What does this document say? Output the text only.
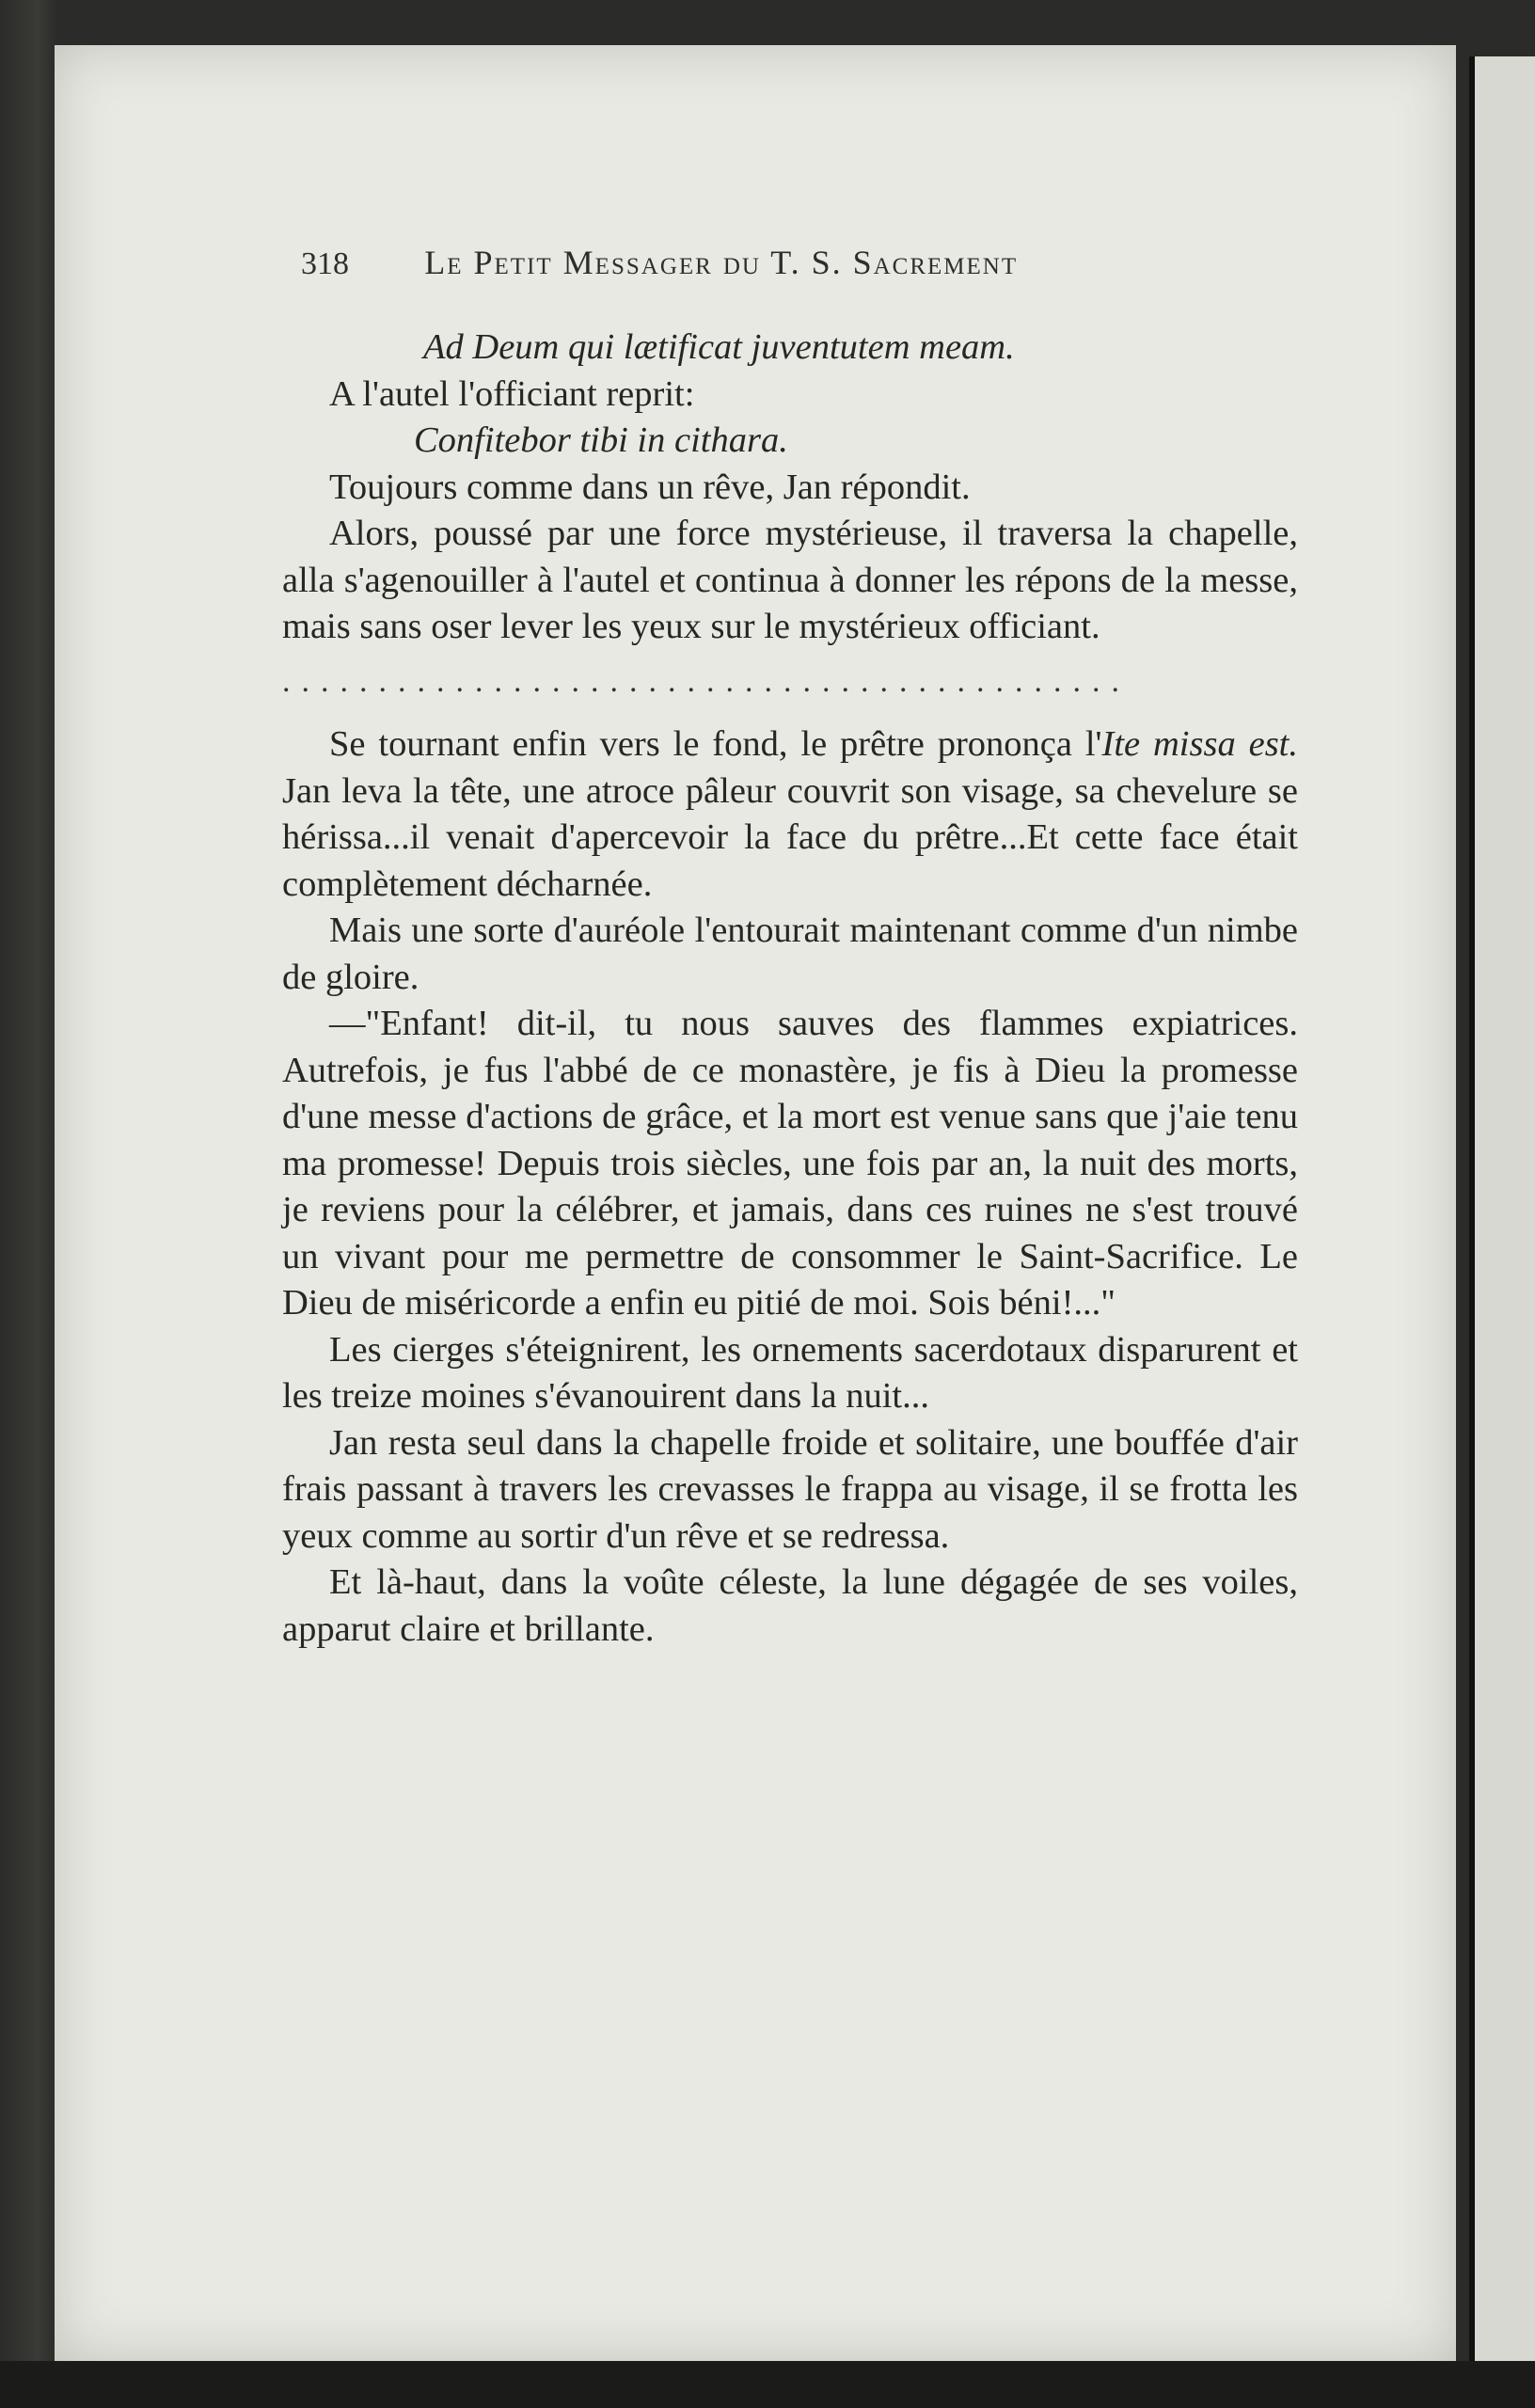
318 Le Petit Messager du T. S. Sacrement

Ad Deum qui lætificat juventutem meam.

A l'autel l'officiant reprit:

Confitebor tibi in cithara.

Toujours comme dans un rêve, Jan répondit.

Alors, poussé par une force mystérieuse, il traversa la chapelle, alla s'agenouiller à l'autel et continua à donner les répons de la messe, mais sans oser lever les yeux sur le mystérieux officiant.

............................................

Se tournant enfin vers le fond, le prêtre prononça l'Ite missa est. Jan leva la tête, une atroce pâleur couvrit son visage, sa chevelure se hérissa...il venait d'apercevoir la face du prêtre...Et cette face était complètement décharnée.

Mais une sorte d'auréole l'entourait maintenant comme d'un nimbe de gloire.

—"Enfant! dit-il, tu nous sauves des flammes expiatrices. Autrefois, je fus l'abbé de ce monastère, je fis à Dieu la promesse d'une messe d'actions de grâce, et la mort est venue sans que j'aie tenu ma promesse! Depuis trois siècles, une fois par an, la nuit des morts, je reviens pour la célébrer, et jamais, dans ces ruines ne s'est trouvé un vivant pour me permettre de consommer le Saint-Sacrifice. Le Dieu de miséricorde a enfin eu pitié de moi. Sois béni!..."

Les cierges s'éteignirent, les ornements sacerdotaux disparurent et les treize moines s'évanouirent dans la nuit...

Jan resta seul dans la chapelle froide et solitaire, une bouffée d'air frais passant à travers les crevasses le frappa au visage, il se frotta les yeux comme au sortir d'un rêve et se redressa.

Et là-haut, dans la voûte céleste, la lune dégagée de ses voiles, apparut claire et brillante.
